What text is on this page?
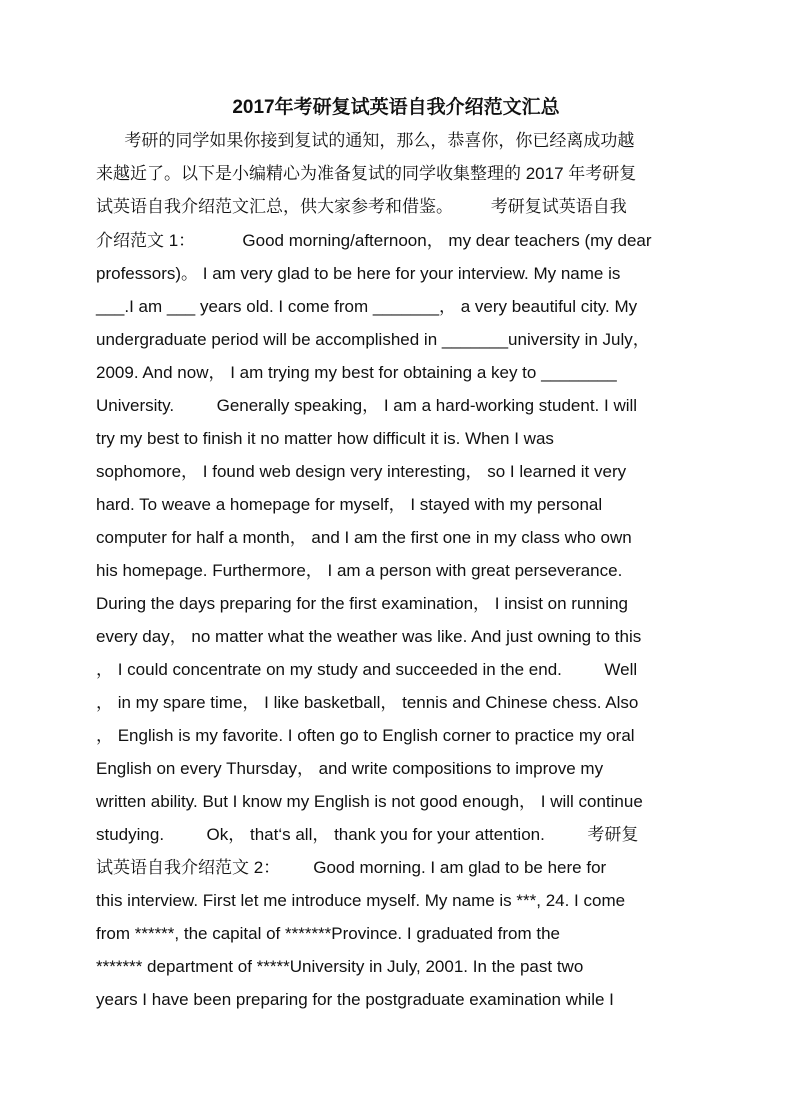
2017年考研复试英语自我介绍范文汇总
考研的同学如果你接到复试的通知，那么，恭喜你，你已经离成功越
来越近了。以下是小编精心为准备复试的同学收集整理的 2017 年考研复
试英语自我介绍范文汇总，供大家参考和借鉴。        考研复试英语自我
介绍范文 1：          Good morning/afternoon， my dear teachers (my dear
professors)。 I am very glad to be here for your interview. My name is
___.I am ___ years old. I come from _______， a very beautiful city. My
undergraduate period will be accomplished in _______university in July，
2009. And now， I am trying my best for obtaining a key to ________
University.         Generally speaking， I am a hard-working student. I will
try my best to finish it no matter how difficult it is. When I was
sophomore， I found web design very interesting， so I learned it very
hard. To weave a homepage for myself， I stayed with my personal
computer for half a month， and I am the first one in my class who own
his homepage. Furthermore， I am a person with great perseverance.
During the days preparing for the first examination， I insist on running
every day， no matter what the weather was like. And just owning to this
， I could concentrate on my study and succeeded in the end.         Well
， in my spare time， I like basketball， tennis and Chinese chess. Also
， English is my favorite. I often go to English corner to practice my oral
English on every Thursday， and write compositions to improve my
written ability. But I know my English is not good enough， I will continue
studying.         Ok， that‘s all， thank you for your attention.         考研复
试英语自我介绍范文 2：       Good morning. I am glad to be here for
this interview. First let me introduce myself. My name is ***, 24. I come
from ******, the capital of *******Province. I graduated from the
******* department of *****University in July, 2001. In the past two
years I have been preparing for the postgraduate examination while I
